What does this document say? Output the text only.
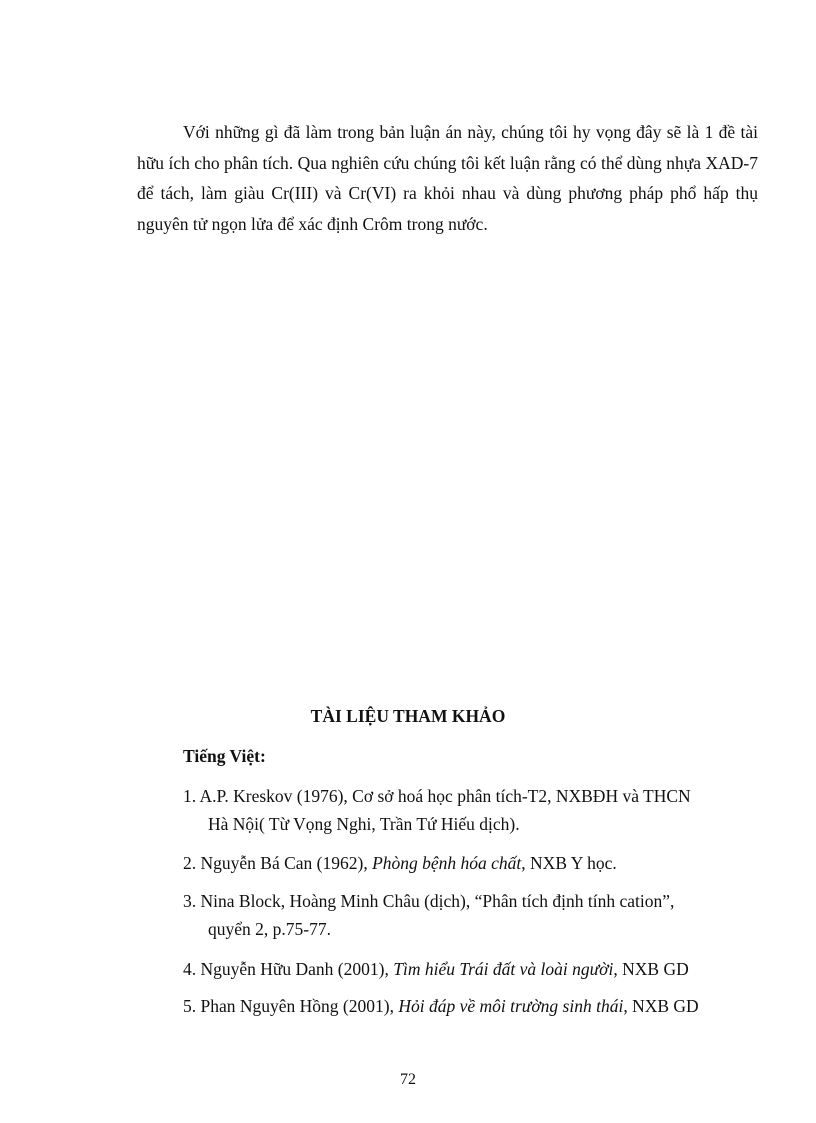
Với những gì đã làm trong bản luận án này, chúng tôi hy vọng đây sẽ là 1 đề tài hữu ích cho phân tích. Qua nghiên cứu chúng tôi kết luận rằng có thể dùng nhựa XAD-7 để tách, làm giàu Cr(III) và Cr(VI) ra khỏi nhau và dùng phương pháp phổ hấp thụ nguyên tử ngọn lửa để xác định Crôm trong nước.

TÀI LIỆU THAM KHẢO

Tiếng Việt:

1. A.P. Kreskov (1976), Cơ sở hoá học phân tích-T2, NXBĐH và THCN
Hà Nội( Từ Vọng Nghi, Trần Tứ Hiếu dịch).

2. Nguyễn Bá Can (1962), Phòng bệnh hóa chất, NXB Y học.

3. Nina Block, Hoàng Minh Châu (dịch), “Phân tích định tính cation”,
quyển 2, p.75-77.

4. Nguyễn Hữu Danh (2001), Tìm hiểu Trái đất và loài người, NXB GD

5. Phan Nguyên Hồng (2001), Hỏi đáp về môi trường sinh thái, NXB GD

72
